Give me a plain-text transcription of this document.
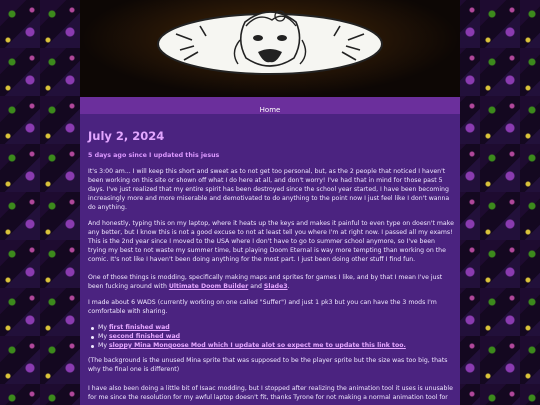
Home
July 2, 2024

5 days ago since I updated this jesus

It's 3:00 am... I will keep this short and sweet as to not get too personal, but, as the 2 people that noticed I haven't been working on this site or shown off what I do here at all, and don't worry! I've had that in mind for those past 5 days. I've just realized that my entire spirit has been destroyed since the school year started, I have been becoming increasingly more and more miserable and demotivated to do anything to the point now I just feel like I don't wanna do anything.
And honestly, typing this on my laptop, where it heats up the keys and makes it painful to even type on doesn't make any better, but I know this is not a good excuse to not at least tell you where I'm at right now. I passed all my exams! This is the 2nd year since I moved to the USA where I don't have to go to summer school anymore, so I've been trying my best to not waste my summer time, but playing Doom Eternal is way more tempting than working on the comic. It's not like I haven't been doing anything for the most part. I just been doing other stuff I find fun.
One of those things is modding, specifically making maps and sprites for games I like, and by that I mean I've just been fucking around with Ultimate Doom Builder and Slade3.
I made about 6 WADS (currently working on one called "Suffer") and just 1 pk3 but you can have the 3 mods I'm comfortable with sharing.
My first finished wad
My second finished wad
My sloppy Mina Mongoose Mod which I update alot so expect me to update this link too.
(The background is the unused Mina sprite that was supposed to be the player sprite but the size was too big, thats why the final one is different)
I have also been doing a little bit of Isaac modding, but I stopped after realizing the animation tool it uses is unusable for me since the resolution for my awful laptop doesn't fit, thanks Tyrone for not making a normal animation tool for
